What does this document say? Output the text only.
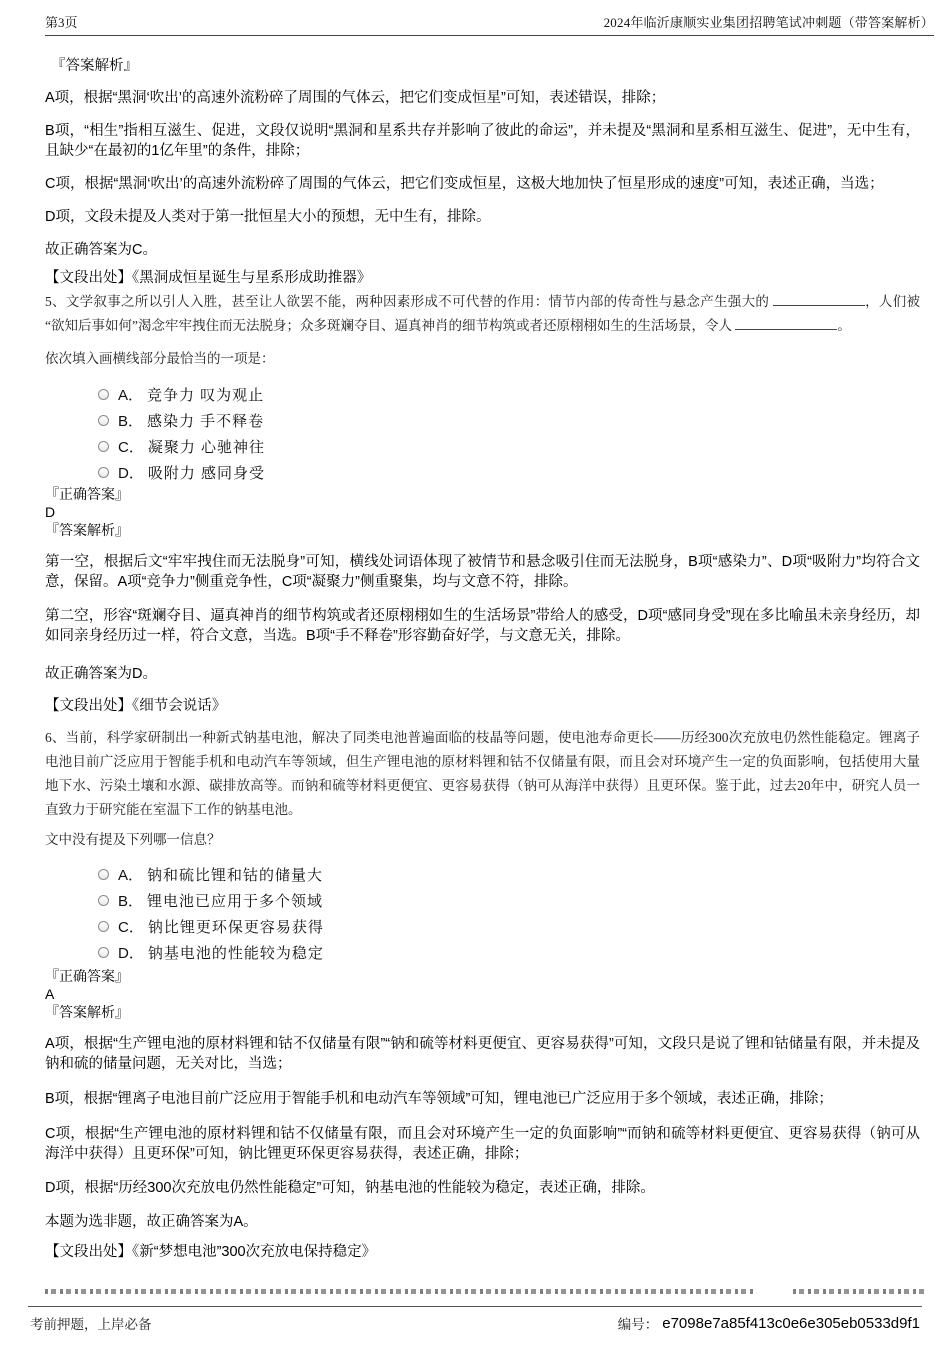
第3页	2024年临沂康顺实业集团招聘笔试冲刺题（带答案解析）
『答案解析』

A项，根据“黑洞‘吹出’的高速外流粉碎了周围的气体云，把它们变成恒星”可知，表述错误，排除；

B项，“相生”指相互滋生、促进，文段仅说明“黑洞和星系共存并影响了彼此的命运”，并未提及“黑洞和星系相互滋生、促进”，无中生有，且缺少“在最初的1亿年里”的条件，排除；

C项，根据“黑洞‘吹出’的高速外流粉碎了周围的气体云，把它们变成恒星，这极大地加快了恒星形成的速度”可知，表述正确，当选；

D项，文段未提及人类对于第一批恒星大小的预想，无中生有，排除。

故正确答案为C。

【文段出处】《黑洞成恒星诞生与星系形成助推器》

5、文学叙事之所以引人入胜，甚至让人欲罢不能，两种因素形成不可代替的作用：情节内部的传奇性与悬念产生强大的	，人们被“欲知后事如何”渴念牢牢拽住而无法脱身；众多斑斓夺目、逼真神肖的细节构筑或者还原栩栩如生的生活场景，令人	。

依次填入画横线部分最恰当的一项是：

A． 竞争力 叹为观止
B． 感染力 手不释卷
C． 凝聚力 心驰神往
D． 吸附力 感同身受
『正确答案』
D
『答案解析』

第一空，根据后文“牢牢拽住而无法脱身”可知，横线处词语体现了被情节和悬念吸引住而无法脱身，B项“感染力”、D项“吸附力”均符合文意，保留。A项“竞争力”侧重竞争性，C项“凝聚力”侧重聚集，均与文意不符，排除。

第二空，形容“斑斓夺目、逼真神肖的细节构筑或者还原栩栩如生的生活场景”带给人的感受，D项“感同身受”现在多比喻虽未亲身经历，却如同亲身经历过一样，符合文意，当选。B项“手不释卷”形容勤奋好学，与文意无关，排除。

故正确答案为D。

【文段出处】《细节会说话》

6、当前，科学家研制出一种新式钠基电池，解决了同类电池普遍面临的枝晶等问题，使电池寿命更长——历经300次充放电仍然性能稳定。锂离子电池目前广泛应用于智能手机和电动汽车等领域，但生产锂电池的原材料锂和钴不仅储量有限，而且会对环境产生一定的负面影响，包括使用大量地下水、污染土壤和水源、碳排放高等。而钠和硫等材料更便宜、更容易获得（钠可从海洋中获得）且更环保。鉴于此，过去20年中，研究人员一直致力于研究能在室温下工作的钠基电池。

文中没有提及下列哪一信息？

A． 钠和硫比锂和钴的储量大
B． 锂电池已应用于多个领域
C． 钠比锂更环保更容易获得
D． 钠基电池的性能较为稳定
『正确答案』
A
『答案解析』

A项，根据“生产锂电池的原材料锂和钴不仅储量有限”“钠和硫等材料更便宜、更容易获得”可知，文段只是说了锂和钴储量有限，并未提及钠和硫的储量问题，无关对比，当选；

B项，根据“锂离子电池目前广泛应用于智能手机和电动汽车等领域”可知，锂电池已广泛应用于多个领域，表述正确，排除；

C项，根据“生产锂电池的原材料锂和钴不仅储量有限，而且会对环境产生一定的负面影响”“而钠和硫等材料更便宜、更容易获得（钠可从海洋中获得）且更环保”可知，钠比锂更环保更容易获得，表述正确，排除；

D项，根据“历经300次充放电仍然性能稳定”可知，钠基电池的性能较为稳定，表述正确，排除。

本题为选非题，故正确答案为A。

【文段出处】《新“梦想电池”300次充放电保持稳定》

考前押题，上岸必备	编号： e7098e7a85f413c0e6e305eb0533d9f1
